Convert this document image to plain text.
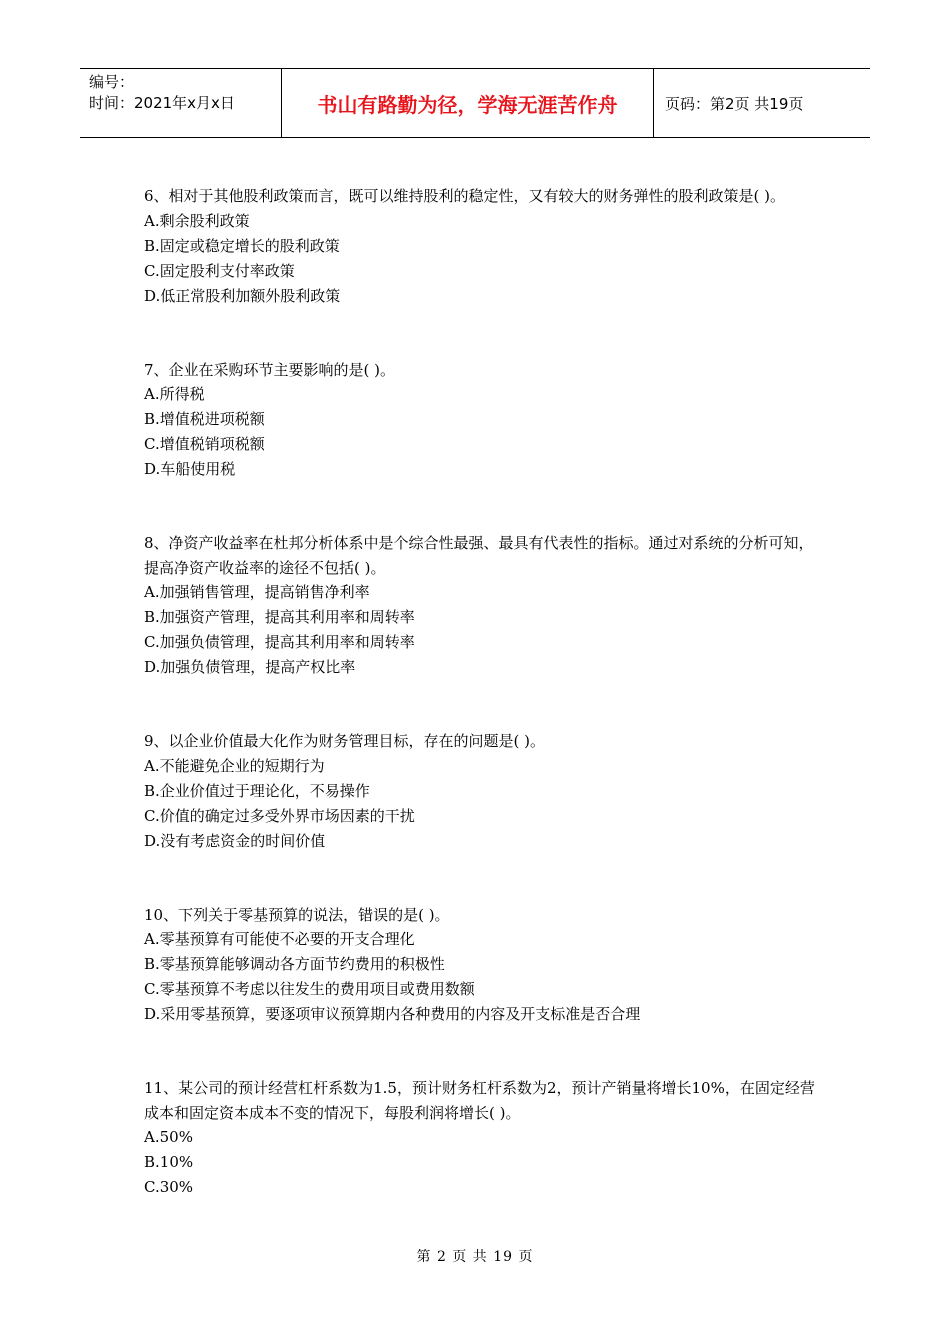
编号：
时间：2021年x月x日	书山有路勤为径，学海无涯苦作舟	页码：第2页 共19页

6、相对于其他股利政策而言，既可以维持股利的稳定性，又有较大的财务弹性的股利政策是( )。

A.剩余股利政策

B.固定或稳定增长的股利政策

C.固定股利支付率政策

D.低正常股利加额外股利政策

7、企业在采购环节主要影响的是( )。

A.所得税

B.增值税进项税额

C.增值税销项税额

D.车船使用税

8、净资产收益率在杜邦分析体系中是个综合性最强、最具有代表性的指标。通过对系统的分析可知，提高净资产收益率的途径不包括( )。

A.加强销售管理，提高销售净利率

B.加强资产管理，提高其利用率和周转率

C.加强负债管理，提高其利用率和周转率

D.加强负债管理，提高产权比率

9、以企业价值最大化作为财务管理目标，存在的问题是( )。

A.不能避免企业的短期行为

B.企业价值过于理论化，不易操作

C.价值的确定过多受外界市场因素的干扰

D.没有考虑资金的时间价值

10、下列关于零基预算的说法，错误的是( )。

A.零基预算有可能使不必要的开支合理化

B.零基预算能够调动各方面节约费用的积极性

C.零基预算不考虑以往发生的费用项目或费用数额

D.采用零基预算，要逐项审议预算期内各种费用的内容及开支标准是否合理

11、某公司的预计经营杠杆系数为1.5，预计财务杠杆系数为2，预计产销量将增长10%，在固定经营成本和固定资本成本不变的情况下，每股利润将增长( )。

A.50%

B.10%

C.30%

第 2 页 共 19 页
